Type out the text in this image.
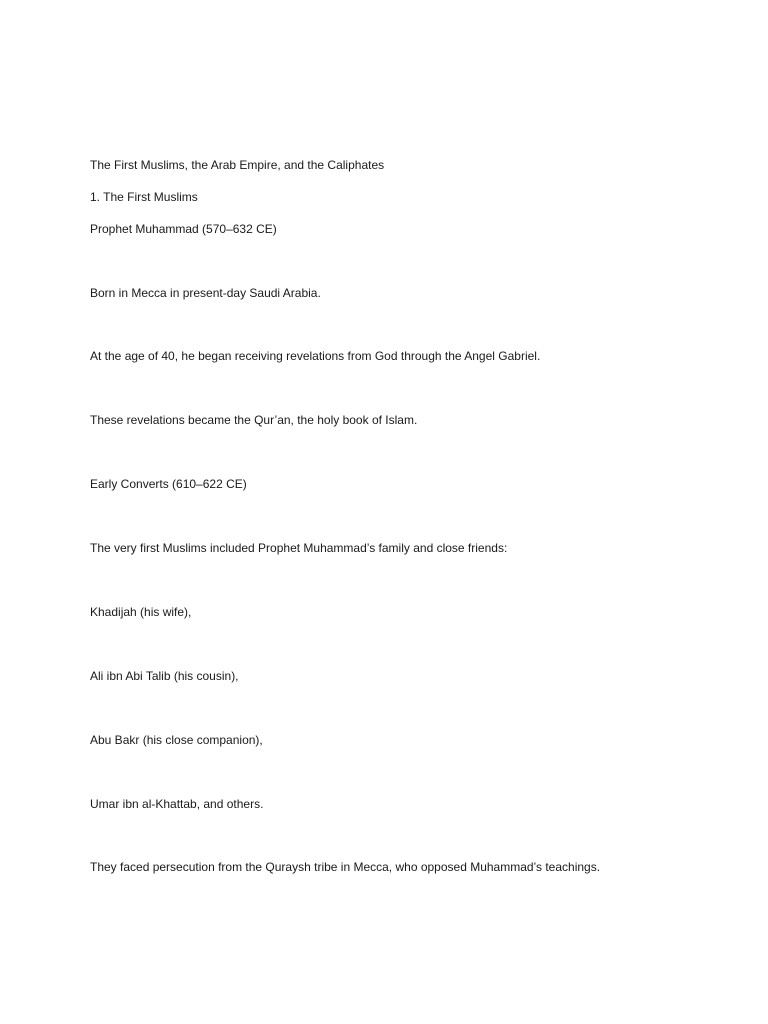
The First Muslims, the Arab Empire, and the Caliphates
1. The First Muslims
Prophet Muhammad (570–632 CE)
Born in Mecca in present-day Saudi Arabia.
At the age of 40, he began receiving revelations from God through the Angel Gabriel.
These revelations became the Qur’an, the holy book of Islam.
Early Converts (610–622 CE)
The very first Muslims included Prophet Muhammad’s family and close friends:
Khadijah (his wife),
Ali ibn Abi Talib (his cousin),
Abu Bakr (his close companion),
Umar ibn al-Khattab, and others.
They faced persecution from the Quraysh tribe in Mecca, who opposed Muhammad’s teachings.
